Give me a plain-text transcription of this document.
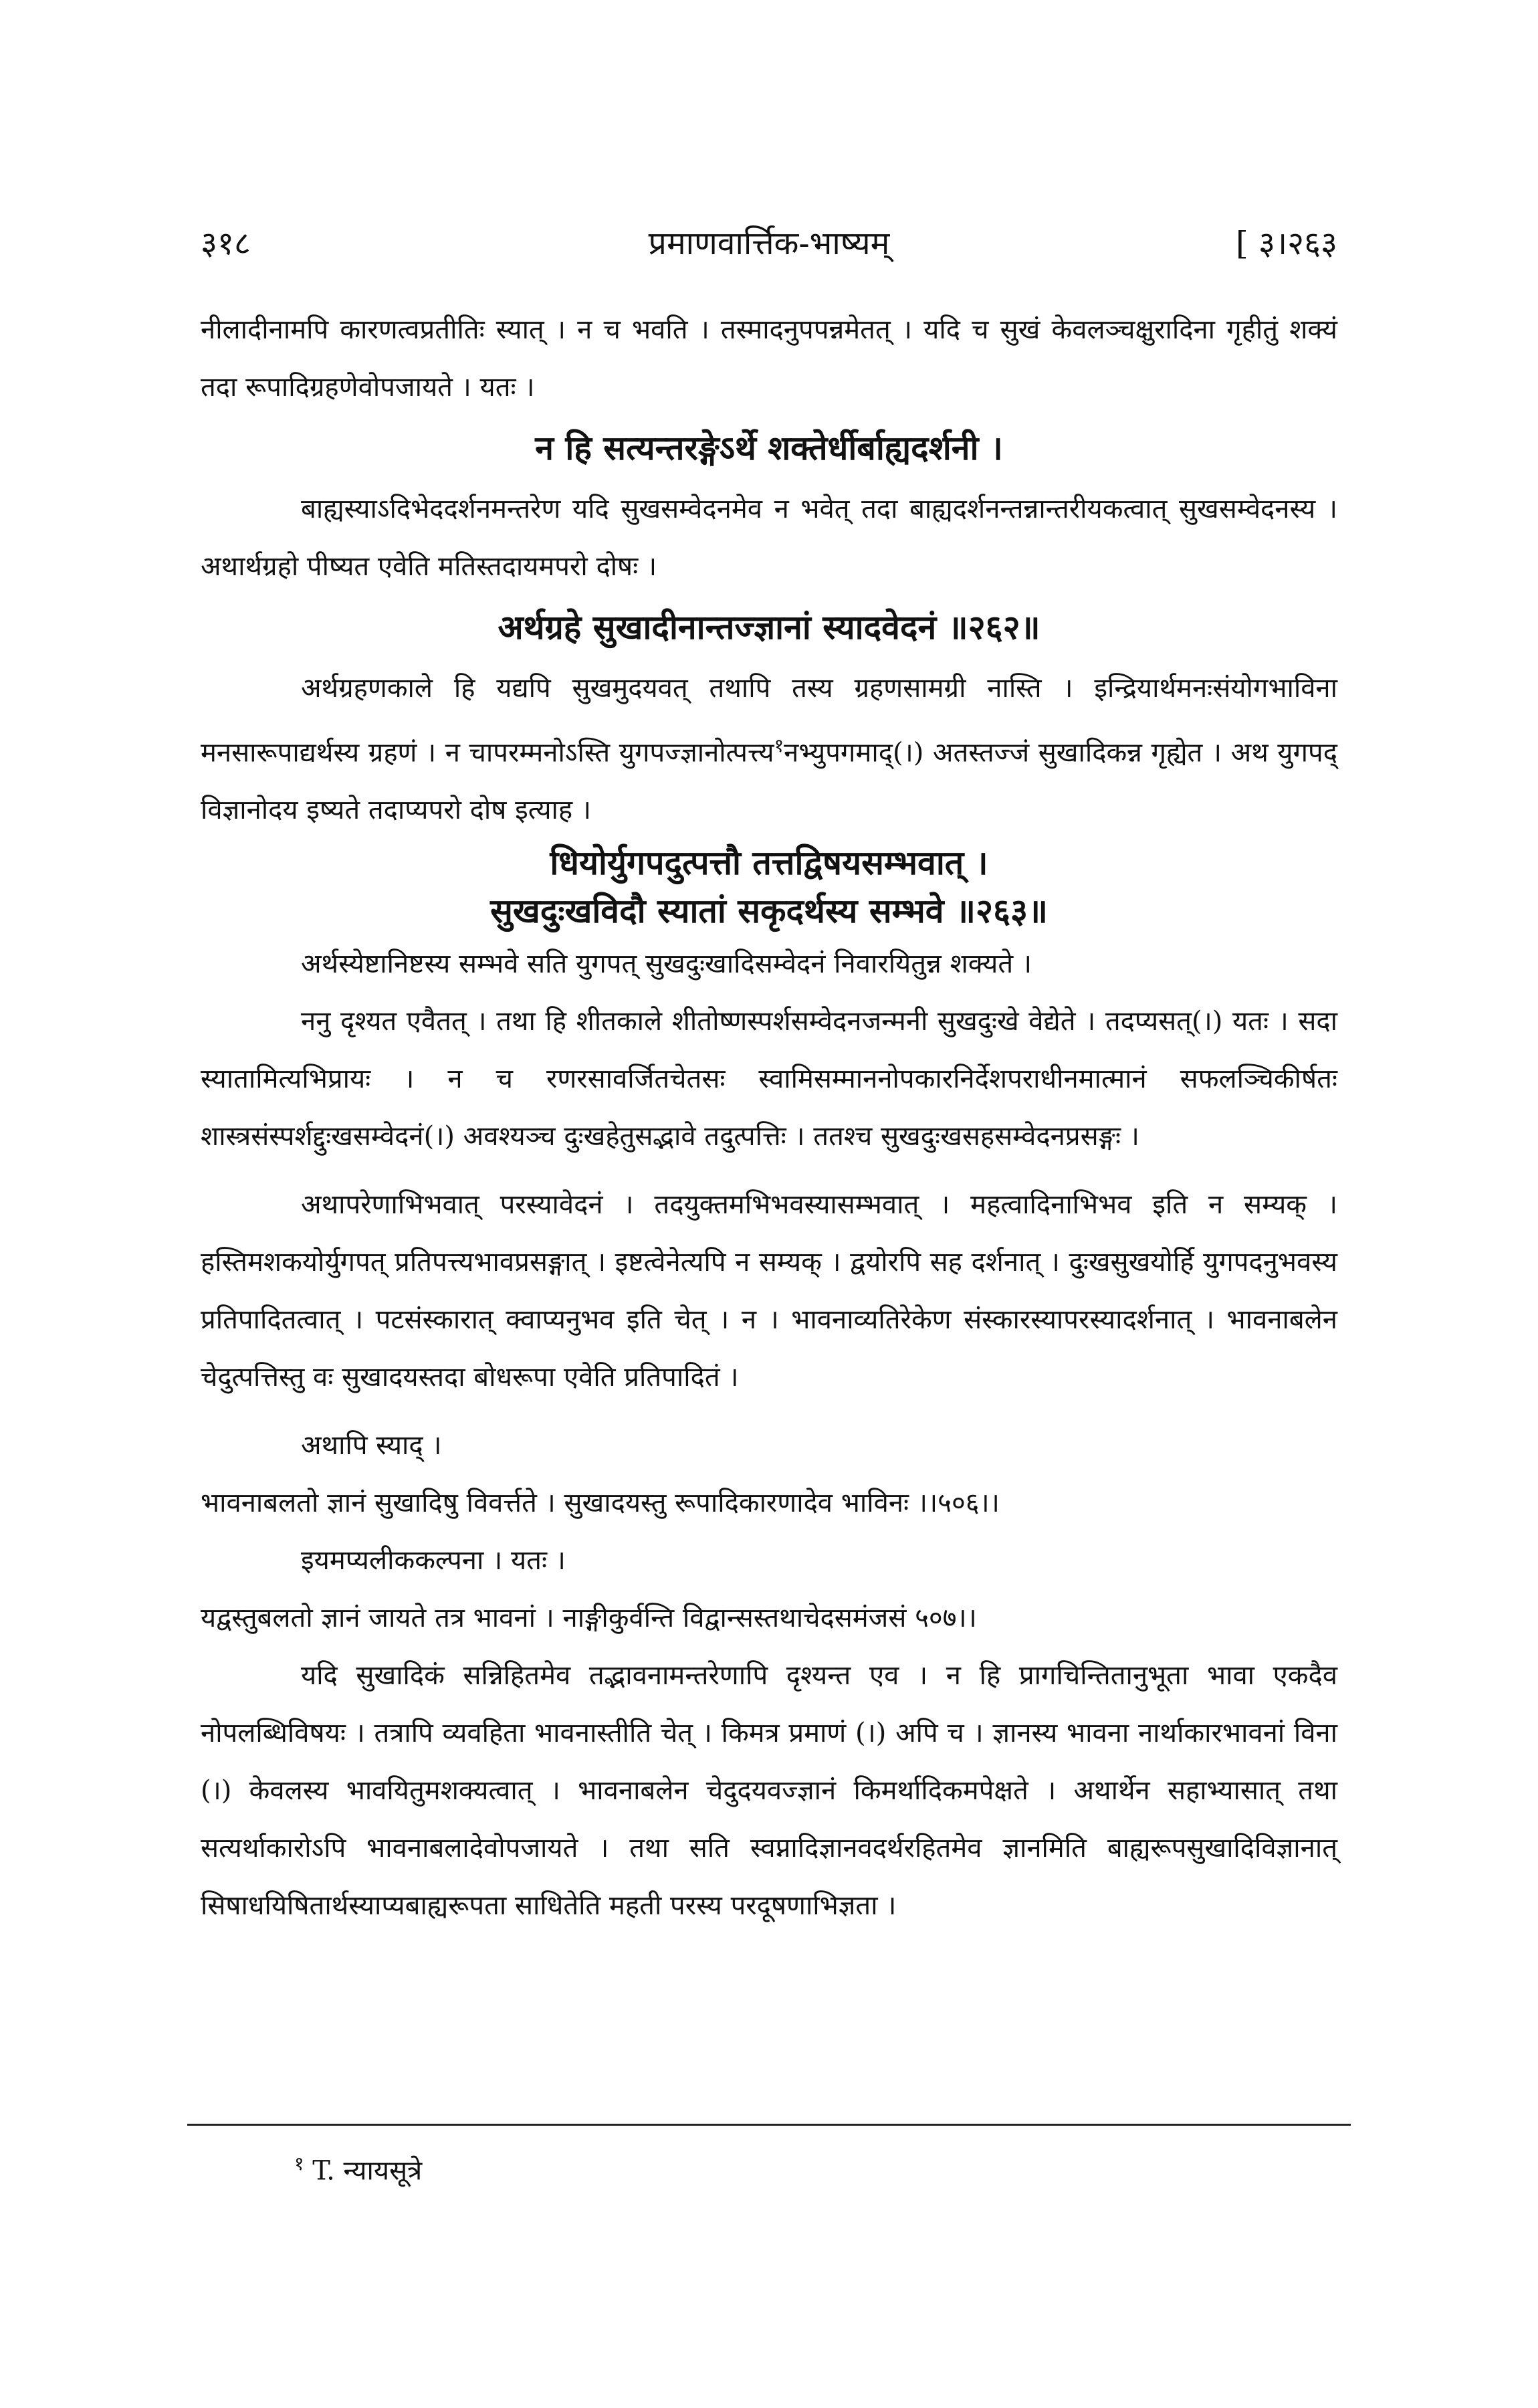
३१८	प्रमाणवार्त्तिक-भाष्यम्	[ ३।२६३

नीलादीनामपि कारणत्वप्रतीतिः स्यात् । न च भवति । तस्मादनुपपन्नमेतत् । यदि च सुखं केवलञ्चक्षुरादिना गृहीतुं शक्यं तदा रूपादिग्रहणेवोपजायते । यतः ।

न हि सत्यन्तरङ्गेऽर्थे शक्तेर्धीर्बाह्यदर्शनी ।

बाह्यस्याऽदिभेददर्शनमन्तरेण यदि सुखसम्वेदनमेव न भवेत् तदा बाह्यदर्शनन्तन्नान्तरीयकत्वात् सुखसम्वेदनस्य । अथार्थग्रहो पीष्यत एवेति मतिस्तदायमपरो दोषः ।

अर्थग्रहे सुखादीनान्तज्ज्ञानां स्यादवेदनं ॥२६२॥

अर्थग्रहणकाले हि यद्यपि सुखमुदयवत् तथापि तस्य ग्रहणसामग्री नास्ति । इन्द्रियार्थमनःसंयोगभाविना मनसारूपाद्यर्थस्य ग्रहणं । न चापरम्मनोऽस्ति युगपज्ज्ञानोत्पत्त्य$^१$नभ्युपगमाद्(।) अतस्तज्जं सुखादिकन्न गृह्येत । अथ युगपद् विज्ञानोदय इष्यते तदाप्यपरो दोष इत्याह ।

धियोर्युगपदुत्पत्तौ तत्तद्विषयसम्भवात् ।

सुखदुःखविदौ स्यातां सकृदर्थस्य सम्भवे ॥२६३॥

अर्थस्येष्टानिष्टस्य सम्भवे सति युगपत् सुखदुःखादिसम्वेदनं निवारयितुन्न शक्यते ।

ननु दृश्यत एवैतत् । तथा हि शीतकाले शीतोष्णस्पर्शसम्वेदनजन्मनी सुखदुःखे वेद्येते । तदप्यसत्(।) यतः । सदा स्यातामित्यभिप्रायः । न च रणरसावर्जितचेतसः स्वामिसम्माननोपकारनिर्देशपराधीनमात्मानं सफलञ्चिकीर्षतः शास्त्रसंस्पर्शद्दुःखसम्वेदनं(।) अवश्यञ्च दुःखहेतुसद्भावे तदुत्पत्तिः । ततश्च सुखदुःखसहसम्वेदनप्रसङ्गः ।

अथापरेणाभिभवात् परस्यावेदनं । तदयुक्तमभिभवस्यासम्भवात् । महत्वादिनाभिभव इति न सम्यक् । हस्तिमशकयोर्युगपत् प्रतिपत्त्यभावप्रसङ्गात् । इष्टत्वेनेत्यपि न सम्यक् । द्वयोरपि सह दर्शनात् । दुःखसुखयोर्हि युगपदनुभवस्य प्रतिपादितत्वात् । पटसंस्कारात् क्वाप्यनुभव इति चेत् । न । भावनाव्यतिरेकेण संस्कारस्यापरस्यादर्शनात् । भावनाबलेन चेदुत्पत्तिस्तु वः सुखादयस्तदा बोधरूपा एवेति प्रतिपादितं ।

अथापि स्याद् ।

भावनाबलतो ज्ञानं सुखादिषु विवर्त्तते । सुखादयस्तु रूपादिकारणादेव भाविनः ।।५०६।।

इयमप्यलीककल्पना । यतः ।

यद्वस्तुबलतो ज्ञानं जायते तत्र भावनां । नाङ्गीकुर्वन्ति विद्वान्सस्तथाचेदसमंजसं ५०७।।

यदि सुखादिकं सन्निहितमेव तद्भावनामन्तरेणापि दृश्यन्त एव । न हि प्रागचिन्तितानुभूता भावा एकदैव नोपलब्धिविषयः । तत्रापि व्यवहिता भावनास्तीति चेत् । किमत्र प्रमाणं (।) अपि च । ज्ञानस्य भावना नार्थाकारभावनां विना (।) केवलस्य भावयितुमशक्यत्वात् । भावनाबलेन चेदुदयवज्ज्ञानं किमर्थादिकमपेक्षते । अथार्थेन सहाभ्यासात् तथा सत्यर्थाकारोऽपि भावनाबलादेवोपजायते । तथा सति स्वप्नादिज्ञानवदर्थरहितमेव ज्ञानमिति बाह्यरूपसुखादिविज्ञानात् सिषाधयिषितार्थस्याप्यबाह्यरूपता साधितेति महती परस्य परदूषणाभिज्ञता ।

$^१$ T. न्यायसूत्रे
